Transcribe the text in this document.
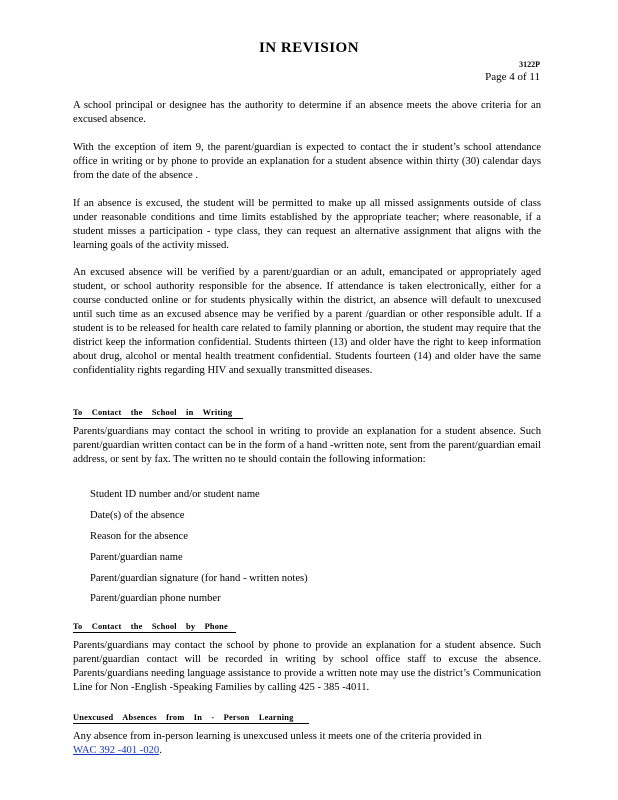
IN REVISION
3122P
Page 4 of 11
A school principal or designee has the authority to determine if an absence meets the above criteria for an excused absence.
With the exception of item 9, the parent/guardian is expected to contact the ir student’s school attendance office in writing or by phone to provide an explanation for a student absence within thirty (30) calendar days from the date of the absence .
If an absence is excused, the student will be permitted to make up all missed assignments outside of class under reasonable conditions and time limits established by the appropriate teacher; where reasonable, if a student misses a participation - type class, they can request an alternative assignment that aligns with the learning goals of the activity missed.
An excused absence will be verified by a parent/guardian or an adult, emancipated or appropriately aged student, or school authority responsible for the absence. If attendance is taken electronically, either for a course conducted online or for students physically within the district, an absence will default to unexcused until such time as an excused absence may be verified by a parent /guardian or other responsible adult. If a student is to be released for health care related to family planning or abortion, the student may require that the district keep the information confidential. Students thirteen (13) and older have the right to keep information about drug, alcohol or mental health treatment confidential. Students fourteen (14) and older have the same confidentiality rights regarding HIV and sexually transmitted diseases.
To Contact the School in Writing
Parents/guardians may contact the school in writing to provide an explanation for a student absence. Such parent/guardian written contact can be in the form of a hand -written note, sent from the parent/guardian email address, or sent by fax. The written no te should contain the following information:
Student ID number and/or student name
Date(s) of the absence
Reason for the absence
Parent/guardian name
Parent/guardian signature (for hand - written notes)
Parent/guardian phone number
To Contact the School by Phone
Parents/guardians may contact the school by phone to provide an explanation for a student absence. Such parent/guardian contact will be recorded in writing by school office staff to excuse the absence. Parents/guardians needing language assistance to provide a written note may use the district’s Communication Line for Non -English -Speaking Families by calling 425 - 385 -4011.
Unexcused Absences from In - Person Learning
Any absence from in-person learning is unexcused unless it meets one of the criteria provided in
WAC 392 -401 -020.
